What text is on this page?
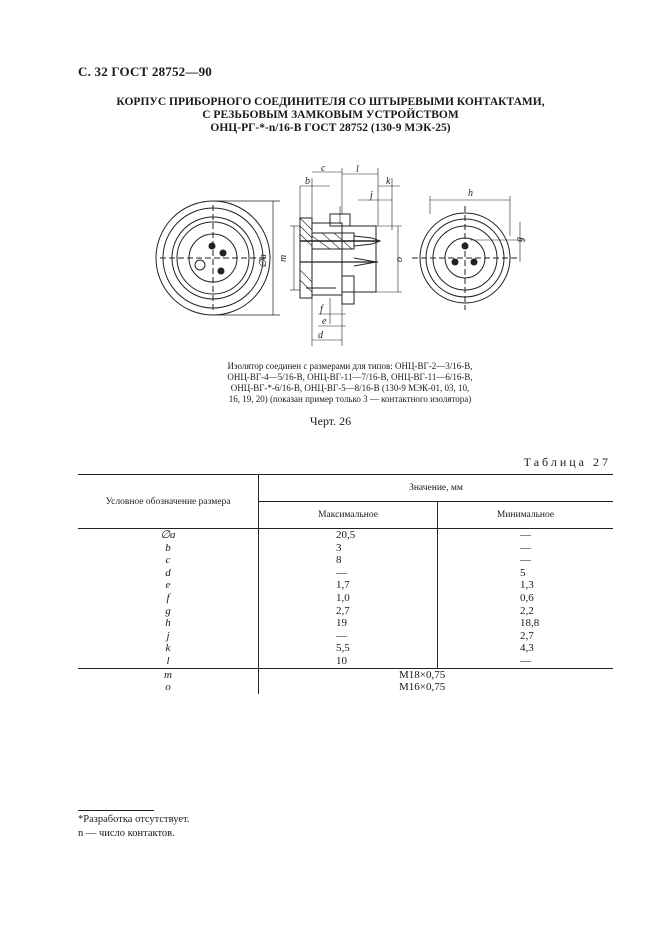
С. 32 ГОСТ 28752—90
КОРПУС ПРИБОРНОГО СОЕДИНИТЕЛЯ СО ШТЫРЕВЫМИ КОНТАКТАМИ,
С РЕЗЬБОВЫМ ЗАМКОВЫМ УСТРОЙСТВОМ
ОНЦ-РГ-*-n/16-В ГОСТ 28752 (130-9 МЭК-25)
c
b
l
k
j	h
g
∅a m	o
f
e
d
Изолятор соединен с размерами для типов: ОНЦ-ВГ-2—3/16-В,
ОНЦ-ВГ-4—5/16-В, ОНЦ-ВГ-11—7/16-В, ОНЦ-ВГ-11—6/16-В,
ОНЦ-ВГ-*-6/16-В, ОНЦ-ВГ-5—8/16-В (130-9 МЭК-01, 03, 10,
16, 19, 20) (показан пример только 3 — контактного изолятора)
Черт. 26
Таблица 27
Условное обозначение размера	Значение, мм	
	Максимальное	Минимальное
∅a	20,5	—
b	3	—
c	8	—
d	—	5
e	1,7	1,3
f	1,0	0,6
g	2,7	2,2
h	19	18,8
j	—	2,7
k	5,5	4,3
l	10	—
m	M18×0,75	
o	M16×0,75	
*Разработка отсутствует.
n — число контактов.
